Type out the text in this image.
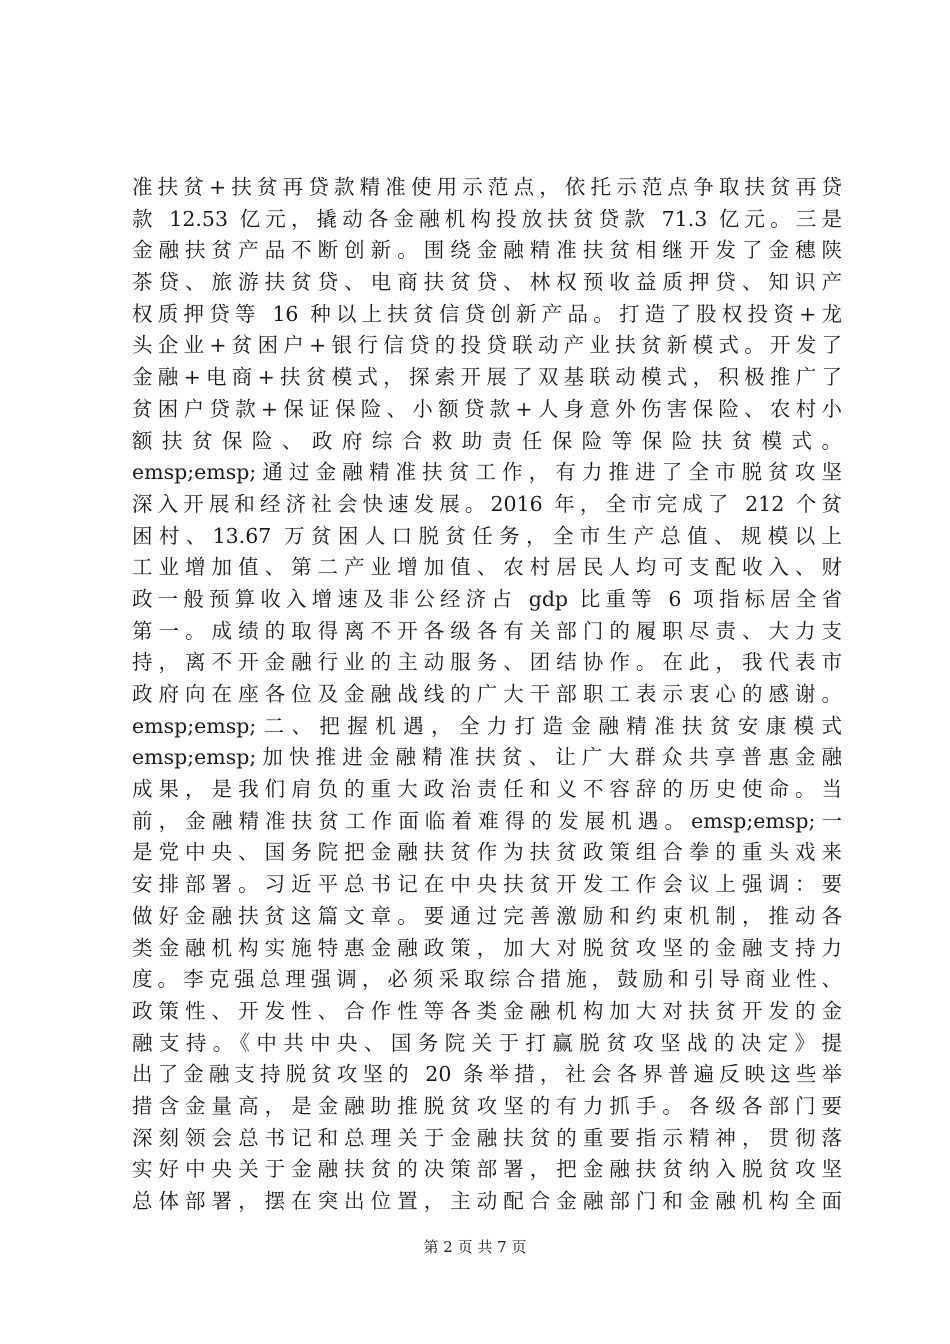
准扶贫+扶贫再贷款精准使用示范点，依托示范点争取扶贫再贷
款 12.53 亿元，撬动各金融机构投放扶贫贷款 71.3 亿元。三是
金融扶贫产品不断创新。围绕金融精准扶贫相继开发了金穗陕
茶贷、旅游扶贫贷、电商扶贫贷、林权预收益质押贷、知识产
权质押贷等 16 种以上扶贫信贷创新产品。打造了股权投资+龙
头企业+贫困户+银行信贷的投贷联动产业扶贫新模式。开发了
金融+电商+扶贫模式，探索开展了双基联动模式，积极推广了
贫困户贷款+保证保险、小额贷款+人身意外伤害保险、农村小
额扶贫保险、政府综合救助责任保险等保险扶贫模式。
emsp;emsp;通过金融精准扶贫工作，有力推进了全市脱贫攻坚
深入开展和经济社会快速发展。2016 年，全市完成了 212 个贫
困村、13.67 万贫困人口脱贫任务，全市生产总值、规模以上
工业增加值、第二产业增加值、农村居民人均可支配收入、财
政一般预算收入增速及非公经济占 gdp 比重等 6 项指标居全省
第一。成绩的取得离不开各级各有关部门的履职尽责、大力支
持，离不开金融行业的主动服务、团结协作。在此，我代表市
政府向在座各位及金融战线的广大干部职工表示衷心的感谢。
emsp;emsp;二、把握机遇，全力打造金融精准扶贫安康模式
emsp;emsp;加快推进金融精准扶贫、让广大群众共享普惠金融
成果，是我们肩负的重大政治责任和义不容辞的历史使命。当
前，金融精准扶贫工作面临着难得的发展机遇。emsp;emsp;一
是党中央、国务院把金融扶贫作为扶贫政策组合拳的重头戏来
安排部署。习近平总书记在中央扶贫开发工作会议上强调：要
做好金融扶贫这篇文章。要通过完善激励和约束机制，推动各
类金融机构实施特惠金融政策，加大对脱贫攻坚的金融支持力
度。李克强总理强调，必须采取综合措施，鼓励和引导商业性、
政策性、开发性、合作性等各类金融机构加大对扶贫开发的金
融支持。《中共中央、国务院关于打赢脱贫攻坚战的决定》提
出了金融支持脱贫攻坚的 20 条举措，社会各界普遍反映这些举
措含金量高，是金融助推脱贫攻坚的有力抓手。各级各部门要
深刻领会总书记和总理关于金融扶贫的重要指示精神，贯彻落
实好中央关于金融扶贫的决策部署，把金融扶贫纳入脱贫攻坚
总体部署，摆在突出位置，主动配合金融部门和金融机构全面
第 2 页 共 7 页
